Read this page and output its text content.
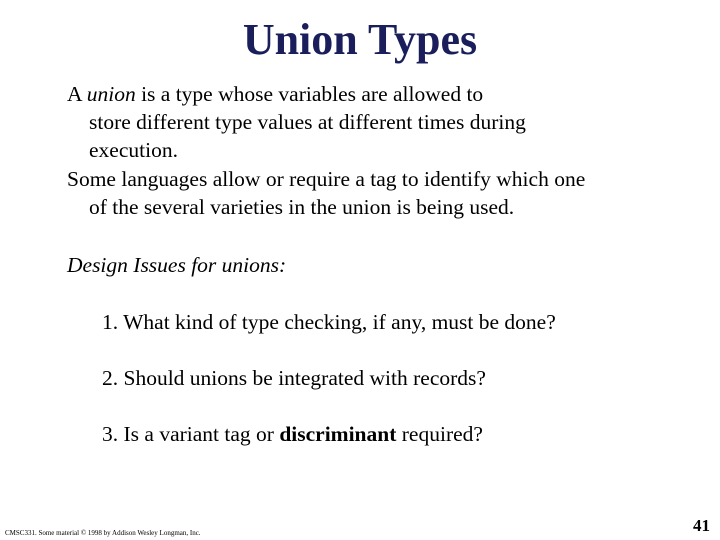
Union Types
A union is a type whose variables are allowed to
store different type values at different times during
execution.
Some languages allow or require a tag to identify which one
of the several varieties in the union is being used.
Design Issues for unions:
1. What kind of type checking, if any, must be done?
2. Should unions be integrated with records?
3. Is a variant tag or discriminant required?
CMSC331. Some material © 1998 by Addison Wesley Longman, Inc.	41
